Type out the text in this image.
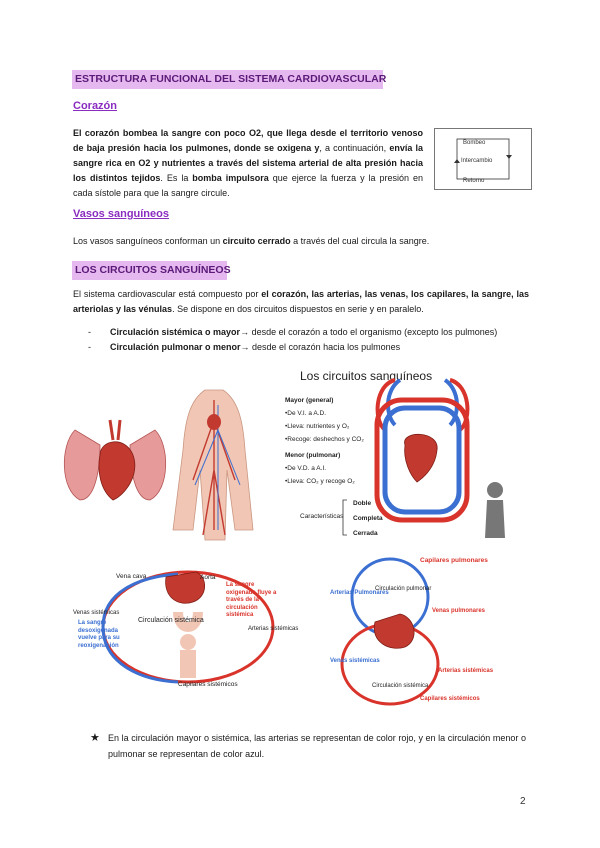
ESTRUCTURA FUNCIONAL DEL SISTEMA CARDIOVASCULAR
Corazón
El corazón bombea la sangre con poco O2, que llega desde el territorio venoso de baja presión hacia los pulmones, donde se oxigena y, a continuación, envía la sangre rica en O2 y nutrientes a través del sistema arterial de alta presión hacia los distintos tejidos. Es la bomba impulsora que ejerce la fuerza y la presión en cada sístole para que la sangre circule.
Bombeo
Intercambio
Retorno
Vasos sanguíneos
Los vasos sanguíneos conforman un circuito cerrado a través del cual circula la sangre.
LOS CIRCUITOS SANGUÍNEOS
El sistema cardiovascular está compuesto por el corazón, las arterias, las venas, los capilares, la sangre, las arteriolas y las vénulas. Se dispone en dos circuitos dispuestos en serie y en paralelo.
- Circulación sistémica o mayor→ desde el corazón a todo el organismo (excepto los pulmones)
- Circulación pulmonar o menor→ desde el corazón hacia los pulmones
Los circuitos sanguíneos
Mayor (general)
•De V.I. a A.D.
•Lleva: nutrientes y O₂
•Recoge: deshechos y CO₂
Menor (pulmonar)
•De V.D. a A.I.
•Lleva: CO₂ y recoge O₂
Características
Doble
Completa
Cerrada
Vena cava	Aorta
Venas sistémicas
Circulación sistémica
Arterias sistémicas
Capilares sistémicos
La sangre oxigenada fluye a través de la circulación sistémica
La sangre desoxigenada vuelve para su reoxigenación
Circulación pulmonar
Circulación sistémica
Capilares pulmonares
Arterias Pulmonares
Venas pulmonares
Venas sistémicas
Arterias sistémicas
Capilares sistémicos
★ En la circulación mayor o sistémica, las arterias se representan de color rojo, y en la circulación menor o pulmonar se representan de color azul.
2
